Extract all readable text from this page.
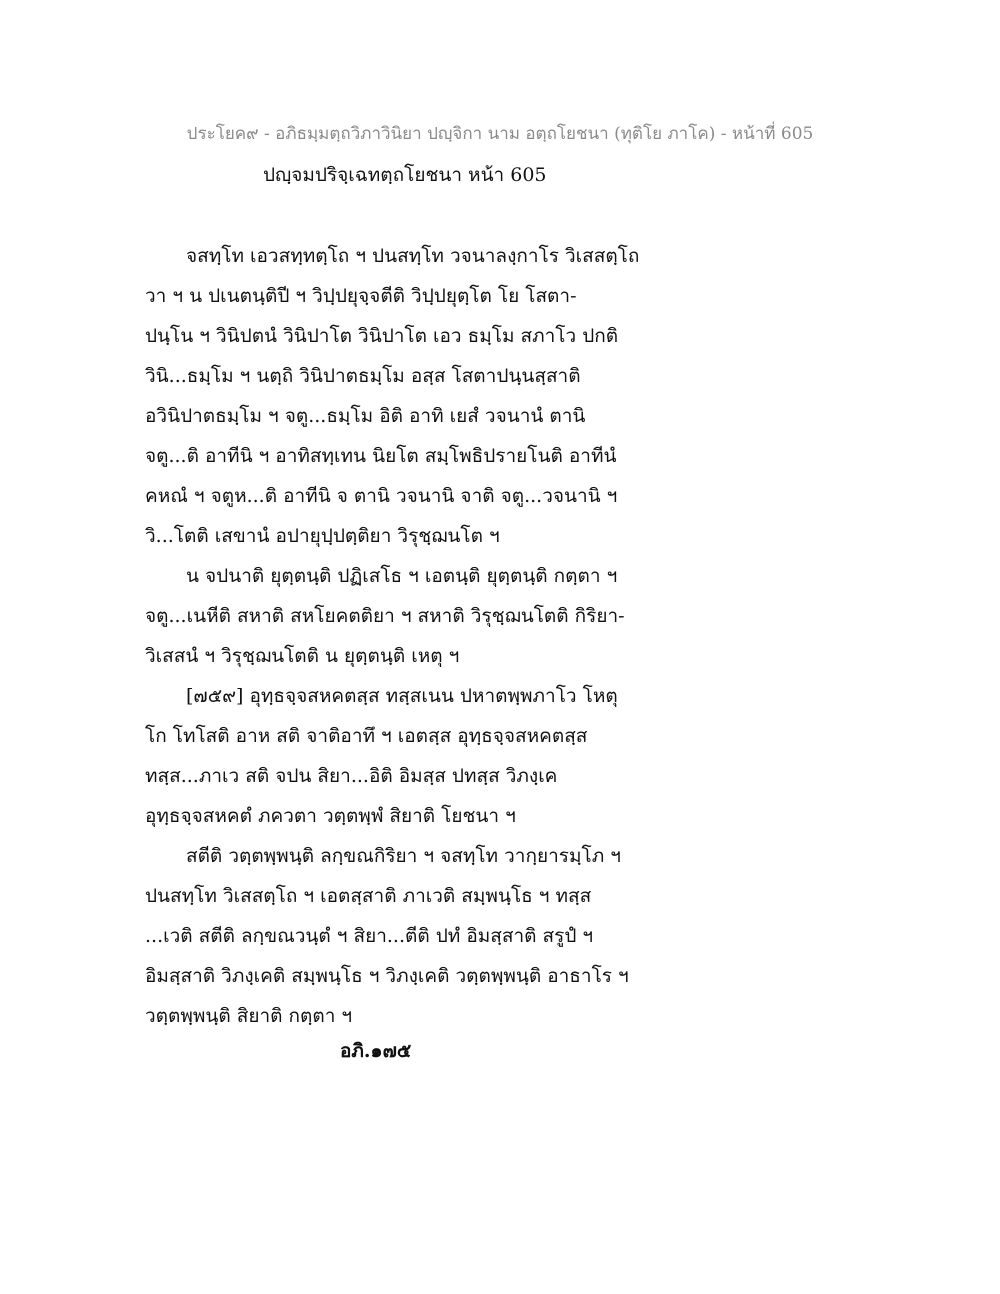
ประโยค๙ - อภิธมฺมตฺถวิภาวินิยา ปญฺจิกา นาม อตฺถโยชนา (ทุติโย ภาโค) - หน้าที่ 605
ปญฺจมปริจฺเฉทตฺถโยชนา หน้า 605
จสทฺโท เอวสทฺทตฺโถ ฯ ปนสทฺโท วจนาลงฺกาโร วิเสสตฺโถ
วา ฯ น ปเนตนฺติปี ฯ วิปฺปยุจฺจตีติ วิปฺปยุตฺโต โย โสตา-
ปนฺโน ฯ วินิปตนํ วินิปาโต วินิปาโต เอว ธมฺโม สภาโว ปกติ
วินิ...ธมฺโม ฯ นตฺถิ วินิปาตธมฺโม อสฺส โสตาปนฺนสฺสาติ
อวินิปาตธมฺโม ฯ จตู...ธมฺโม อิติ อาทิ เยสํ วจนานํ ตานิ
จตู...ติ อาทีนิ ฯ อาทิสทฺเทน นิยโต สมฺโพธิปรายโนติ อาทีนํ
คหณํ ฯ จตูห...ติ อาทีนิ จ ตานิ วจนานิ จาติ จตู...วจนานิ ฯ
วิ...โตติ เสขานํ อปายุปฺปตฺติยา วิรุชฺฌนโต ฯ
น จปนาติ ยุตฺตนฺติ ปฏิเสโธ ฯ เอตนฺติ ยุตฺตนฺติ กตฺตา ฯ
จตู...เนหีติ สหาติ สหโยคตติยา ฯ สหาติ วิรุชฺฌนโตติ กิริยา-
วิเสสนํ ฯ วิรุชฺฌนโตติ น ยุตฺตนฺติ เหตุ ฯ
[๗๕๙] อุทฺธจฺจสหคตสฺส ทสฺสเนน ปหาตพฺพภาโว โหตุ
โก โทโสติ อาห สติ จาติอาทึ ฯ เอตสฺส อุทฺธจฺจสหคตสฺส
ทสฺส...ภาเว สติ จปน สิยา...อิติ อิมสฺส ปทสฺส วิภงฺเค
อุทฺธจฺจสหคตํ ภควตา วตฺตพฺพํ สิยาติ โยชนา ฯ
สตีติ วตฺตพฺพนฺติ ลกฺขณกิริยา ฯ จสทฺโท วากฺยารมฺโภ ฯ
ปนสทฺโท วิเสสตฺโถ ฯ เอตสฺสาติ ภาเวติ สมฺพนฺโธ ฯ ทสฺส
...เวติ สตีติ ลกฺขณวนฺตํ ฯ สิยา...ตีติ ปทํ อิมสฺสาติ สรูปํ ฯ
อิมสฺสาติ วิภงฺเคติ สมฺพนฺโธ ฯ วิภงฺเคติ วตฺตพฺพนฺติ อาธาโร ฯ
วตฺตพฺพนฺติ สิยาติ กตฺตา ฯ
อภิ.๑๗๕
